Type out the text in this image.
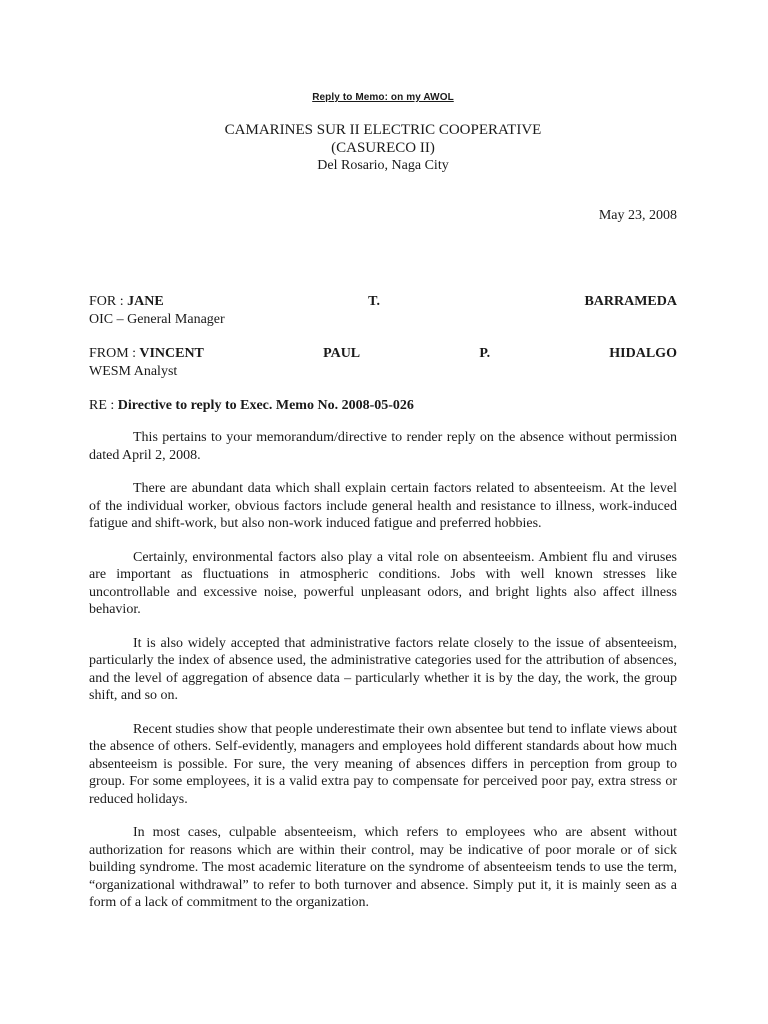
Reply to Memo: on my AWOL
CAMARINES SUR II ELECTRIC COOPERATIVE
(CASURECO II)
Del Rosario, Naga City
May 23, 2008
FOR : JANE	T.	BARRAMEDA
OIC – General Manager
FROM : VINCENT	PAUL	P.	HIDALGO
WESM Analyst
RE : Directive to reply to Exec. Memo No. 2008-05-026

This pertains to your memorandum/directive to render reply on the absence without permission dated April 2, 2008.

There are abundant data which shall explain certain factors related to absenteeism. At the level of the individual worker, obvious factors include general health and resistance to illness, work-induced fatigue and shift-work, but also non-work induced fatigue and preferred hobbies.

Certainly, environmental factors also play a vital role on absenteeism. Ambient flu and viruses are important as fluctuations in atmospheric conditions. Jobs with well known stresses like uncontrollable and excessive noise, powerful unpleasant odors, and bright lights also affect illness behavior.

It is also widely accepted that administrative factors relate closely to the issue of absenteeism, particularly the index of absence used, the administrative categories used for the attribution of absences, and the level of aggregation of absence data – particularly whether it is by the day, the work, the group shift, and so on.

Recent studies show that people underestimate their own absentee but tend to inflate views about the absence of others. Self-evidently, managers and employees hold different standards about how much absenteeism is possible. For sure, the very meaning of absences differs in perception from group to group. For some employees, it is a valid extra pay to compensate for perceived poor pay, extra stress or reduced holidays.

In most cases, culpable absenteeism, which refers to employees who are absent without authorization for reasons which are within their control, may be indicative of poor morale or of sick building syndrome. The most academic literature on the syndrome of absenteeism tends to use the term, “organizational withdrawal” to refer to both turnover and absence. Simply put it, it is mainly seen as a form of a lack of commitment to the organization.
